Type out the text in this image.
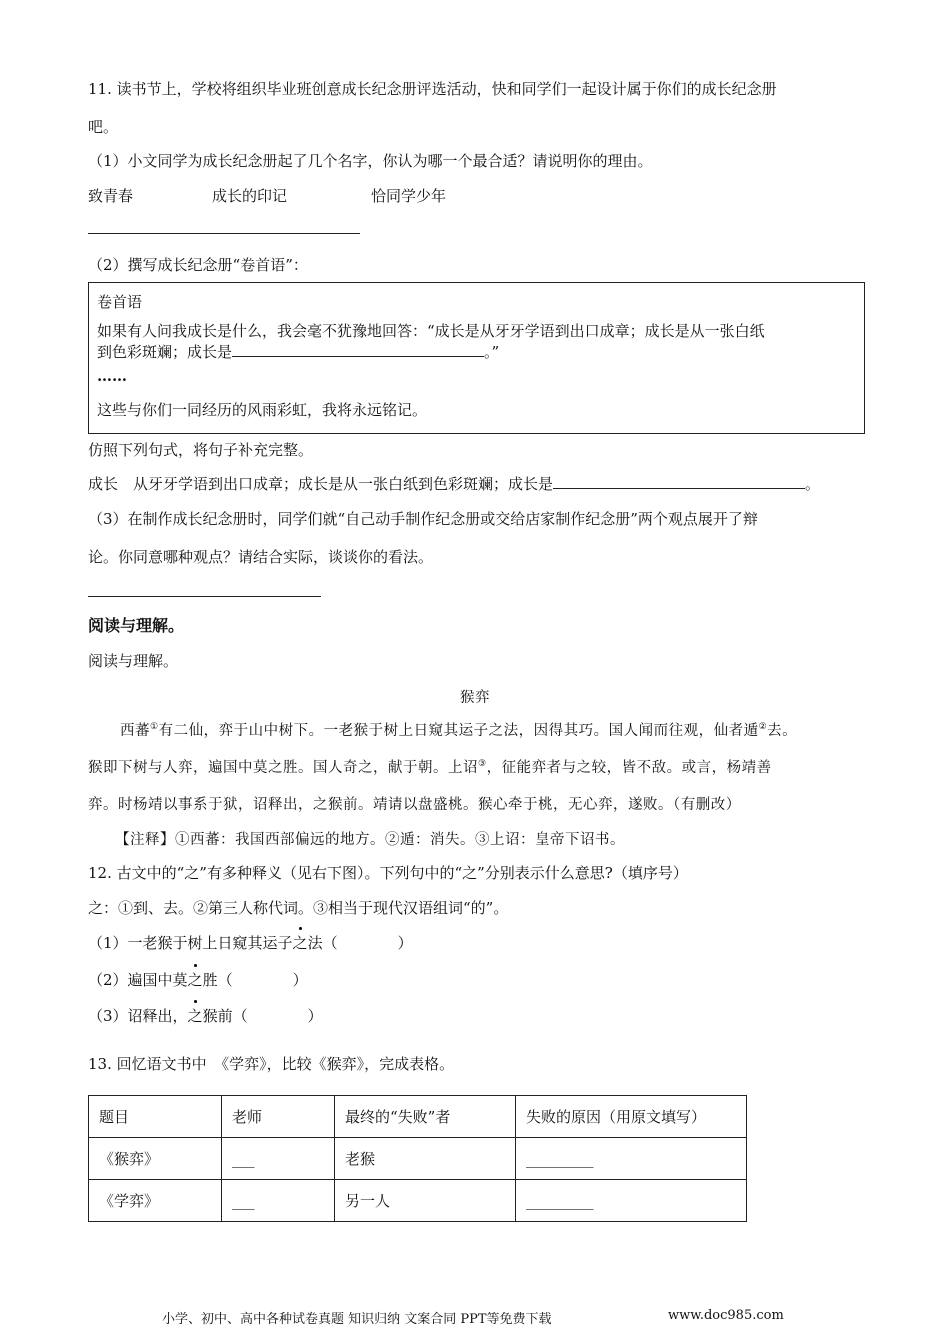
11. 读书节上，学校将组织毕业班创意成长纪念册评选活动，快和同学们一起设计属于你们的成长纪念册
吧。
（1）小文同学为成长纪念册起了几个名字，你认为哪一个最合适？请说明你的理由。
致青春	成长的印记	恰同学少年
（2）撰写成长纪念册“卷首语”：
卷首语
如果有人问我成长是什么，我会毫不犹豫地回答：“成长是从牙牙学语到出口成章；成长是从一张白纸
到色彩斑斓；成长是	。”
……
这些与你们一同经历的风雨彩虹，我将永远铭记。
仿照下列句式，将句子补充完整。
成长　从牙牙学语到出口成章；成长是从一张白纸到色彩斑斓；成长是	。
（3）在制作成长纪念册时，同学们就“自己动手制作纪念册或交给店家制作纪念册”两个观点展开了辩
论。你同意哪种观点？请结合实际，谈谈你的看法。
阅读与理解。
阅读与理解。
猴弈
西蕃①有二仙，弈于山中树下。一老猴于树上日窥其运子之法，因得其巧。国人闻而往观，仙者遁②去。
猴即下树与人弈，遍国中莫之胜。国人奇之，献于朝。上诏③，征能弈者与之较，皆不敌。或言，杨靖善
弈。时杨靖以事系于狱，诏释出，之猴前。靖请以盘盛桃。猴心牵于桃，无心弈，遂败。（有删改）
【注释】①西蕃：我国西部偏远的地方。②遁：消失。③上诏：皇帝下诏书。
12. 古文中的“之”有多种释义（见右下图）。下列句中的“之”分别表示什么意思?（填序号）
之：①到、去。②第三人称代词。③相当于现代汉语组词“的”。
（1）一老猴于树上日窥其运子之法（　　　　）
（2）遍国中莫之胜（　　　　）
（3）诏释出，之猴前（　　　　）
13. 回忆语文书中　《学弈》，比较《猴弈》，完成表格。
题目	老师	最终的“失败”者	失败的原因（用原文填写）
《猴弈》	___	老猴	_________
《学弈》	___	另一人	_________
小学、初中、高中各种试卷真题 知识归纳 文案合同 PPT等免费下载	www.doc985.com
